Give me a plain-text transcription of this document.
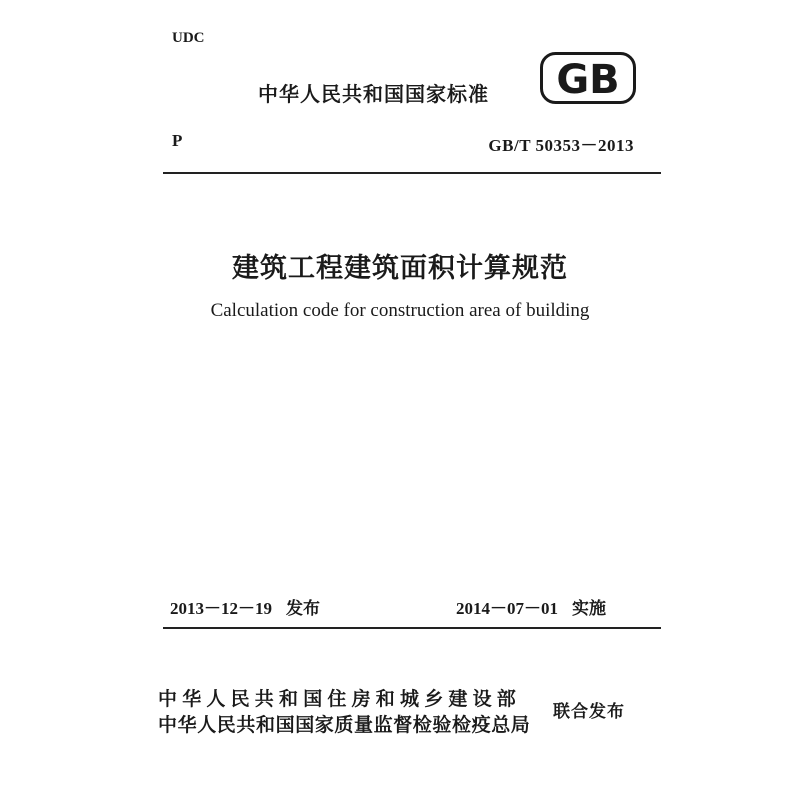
UDC
中华人民共和国国家标准 GB
P	GB/T 50353－2013
建筑工程建筑面积计算规范
Calculation code for construction area of building
2013－12－19 发布	2014－07－01 实施
中华人民共和国住房和城乡建设部
中华人民共和国国家质量监督检验检疫总局
联合发布
